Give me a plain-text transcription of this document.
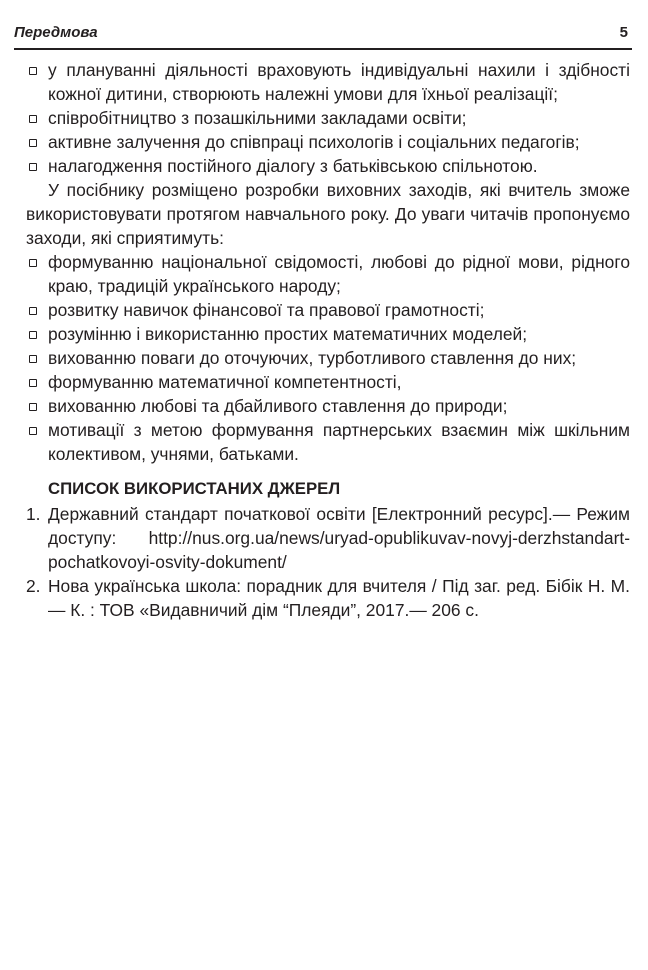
Передмова	5
у плануванні діяльності враховують індивідуальні нахили і здібності кожної дитини, створюють належні умови для їхньої реалізації;
співробітництво з позашкільними закладами освіти;
активне залучення до співпраці психологів і соціальних педагогів;
налагодження постійного діалогу з батьківською спільнотою.
У посібнику розміщено розробки виховних заходів, які вчитель зможе використовувати протягом навчального року. До уваги читачів пропонуємо заходи, які сприятимуть:
формуванню національної свідомості, любові до рідної мови, рідного краю, традицій українського народу;
розвитку навичок фінансової та правової грамотності;
розумінню і використанню простих математичних моделей;
вихованню поваги до оточуючих, турботливого ставлення до них;
формуванню математичної компетентності,
вихованню любові та дбайливого ставлення до природи;
мотивації з метою формування партнерських взаємин між шкільним колективом, учнями, батьками.
СПИСОК ВИКОРИСТАНИХ ДЖЕРЕЛ
1. Державний стандарт початкової освіти [Електронний ресурс].— Режим доступу: http://nus.org.ua/news/uryad-opublikuvav-novyj-derzhstandart-pochatkovoyi-osvity-dokument/
2. Нова українська школа: порадник для вчителя / Під заг. ред. Бібік Н. М.— К. : ТОВ «Видавничий дім “Плеяди”, 2017.— 206 с.
